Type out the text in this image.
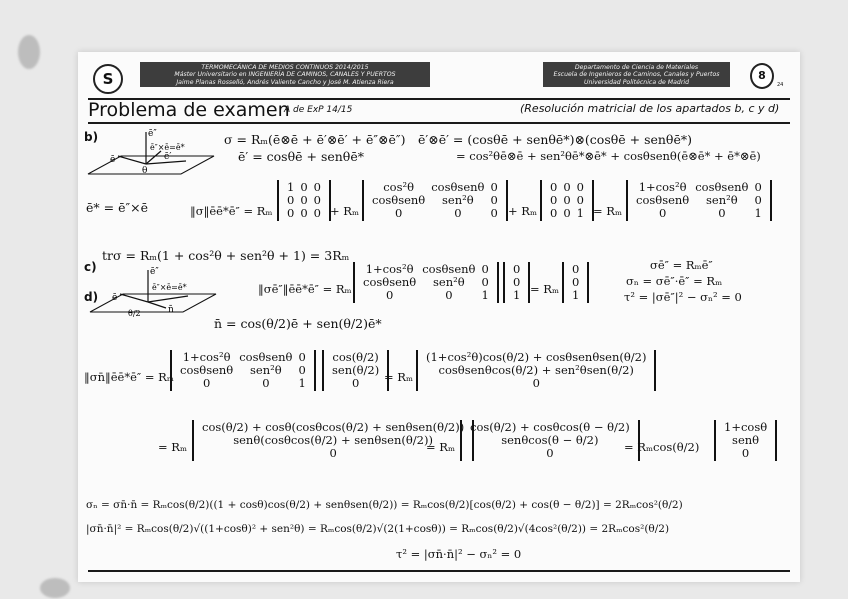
S
TERMOMECÁNICA DE MEDIOS CONTINUOS 2014/2015
Máster Universitario en INGENIERÍA DE CAMINOS, CANALES Y PUERTOS
Jaime Planas Rosselló, Andrés Valiente Cancho y José M. Atienza Riera
Departamento de Ciencia de Materiales
Escuela de Ingenieros de Caminos, Canales y Puertos
Universidad Politécnica de Madrid
8
24
Problema de examen
A de ExP 14/15	(Resolución matricial de los apartados b, c y d)
b)	ē″
ē″×ē=ē*
ē	ē′
θ
σ = Rₘ(ē⊗ē + ē′⊗ē′ + ē″⊗ē″)
ē′ = cosθē + senθē*
ē′⊗ē′ = (cosθē + senθē*)⊗(cosθē + senθē*)
= cos²θē⊗ē + sen²θē*⊗ē* + cosθsenθ(ē⊗ē* + ē*⊗ē)
ē* = ē″×ē	‖σ‖ēē*ē″ = Rₘ
1	0	0
0	0	0
0	0	0 + Rₘ
cos²θ	cosθsenθ	0
cosθsenθ	sen²θ	0
0	0	0 + Rₘ
0	0	0
0	0	0
0	0	1 = Rₘ
1+cos²θ	cosθsenθ	0
cosθsenθ	sen²θ	0
0	0	1
c)
trσ = Rₘ(1 + cos²θ + sen²θ + 1) = 3Rₘ
d)
ē″
ē″×ē=ē*
ē
n̄
θ/2
‖σē″‖ēē*ē″ = Rₘ
1+cos²θ	cosθsenθ	0
cosθsenθ	sen²θ	0
0	0	1
0
0
1 = Rₘ
0
0
1
σē″ = Rₘē″
σₙ = σē″·ē″ = Rₘ
τ² = |σē″|² − σₙ² = 0
n̄ = cos(θ/2)ē + sen(θ/2)ē*
‖σn̄‖ēē*ē″ = Rₘ
1+cos²θ	cosθsenθ	0
cosθsenθ	sen²θ	0
0	0	1
cos(θ/2)
sen(θ/2)
0 = Rₘ
(1+cos²θ)cos(θ/2) + cosθsenθsen(θ/2)
cosθsenθcos(θ/2) + sen²θsen(θ/2)
0
= Rₘ
cos(θ/2) + cosθ(cosθcos(θ/2) + senθsen(θ/2))
senθ(cosθcos(θ/2) + senθsen(θ/2))
0	= Rₘ
cos(θ/2) + cosθcos(θ − θ/2)
senθcos(θ − θ/2)
0	= Rₘcos(θ/2)
1+cosθ
senθ
0
σₙ = σn̄·n̄ = Rₘcos(θ/2)((1 + cosθ)cos(θ/2) + senθsen(θ/2)) = Rₘcos(θ/2)[cos(θ/2) + cos(θ − θ/2)] = 2Rₘcos²(θ/2)
|σn̄·n̄|² = Rₘcos(θ/2)√((1+cosθ)² + sen²θ) = Rₘcos(θ/2)√(2(1+cosθ)) = Rₘcos(θ/2)√(4cos²(θ/2)) = 2Rₘcos²(θ/2)
τ² = |σn̄·n̄|² − σₙ² = 0
